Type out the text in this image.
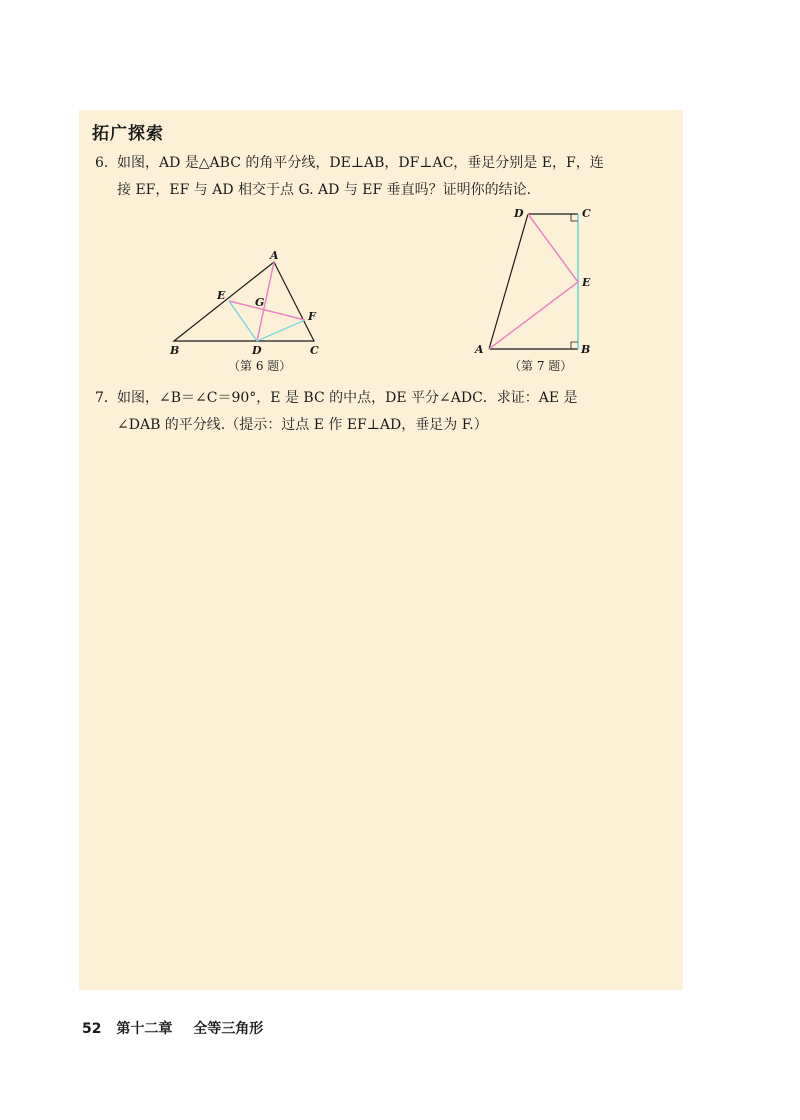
拓广探索
6. 如图，AD 是△ABC 的角平分线，DE⊥AB，DF⊥AC，垂足分别是 E，F，连
接 EF，EF 与 AD 相交于点 G. AD 与 EF 垂直吗？证明你的结论.
A
B	C
D
E
F
G
（第 6 题）
D	C
E
A	B
（第 7 题）
7. 如图，∠B＝∠C＝90°，E 是 BC 的中点，DE 平分∠ADC．求证：AE 是
∠DAB 的平分线.（提示：过点 E 作 EF⊥AD，垂足为 F.）
52 第十二章 全等三角形
